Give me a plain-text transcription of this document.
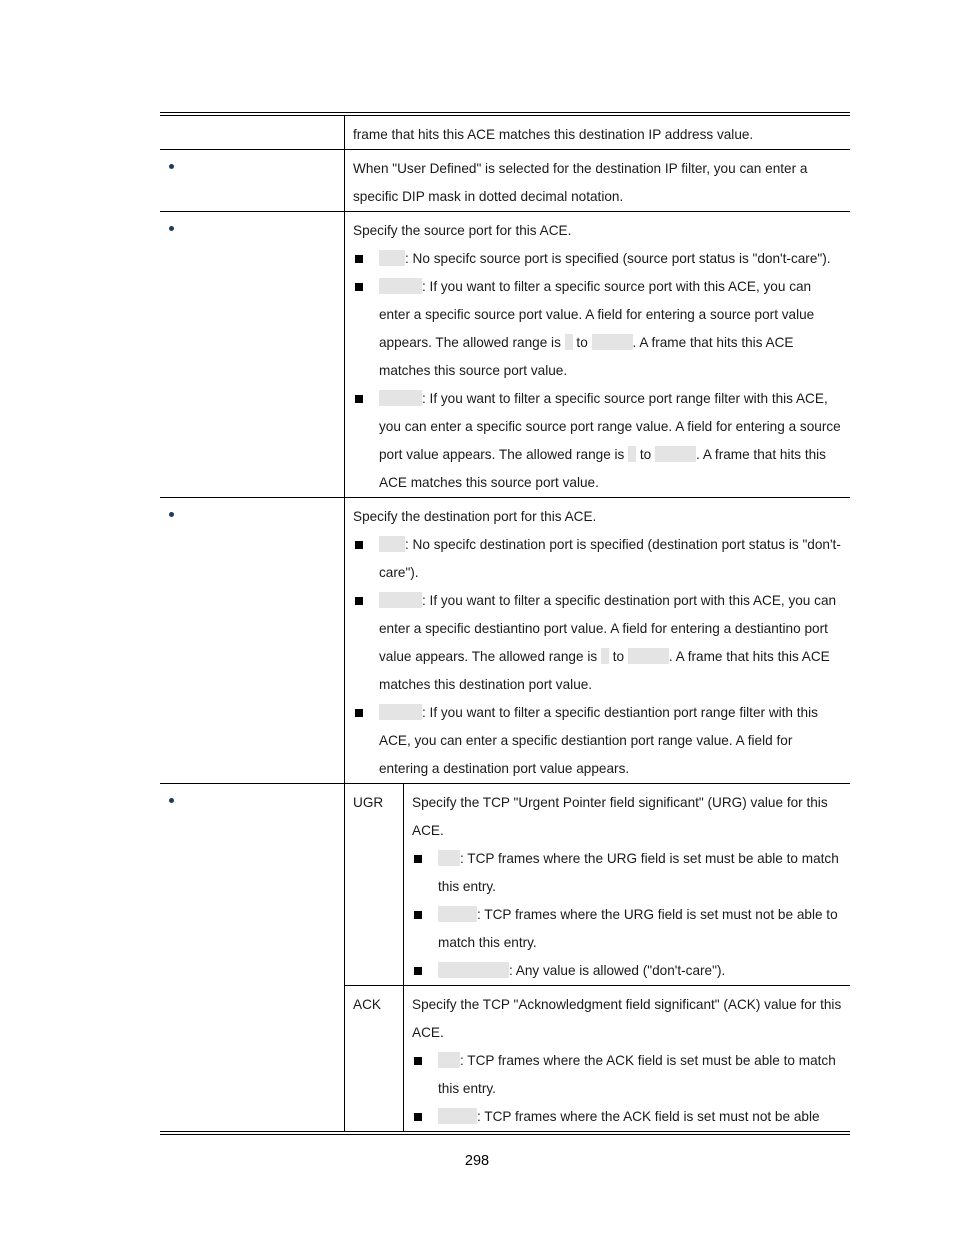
frame that hits this ACE matches this destination IP address value.
When "User Defined" is selected for the destination IP filter, you can enter a specific DIP mask in dotted decimal notation.
Specify the source port for this ACE.
: No specifc source port is specified (source port status is "don't-care").
: If you want to filter a specific source port with this ACE, you can enter a specific source port value. A field for entering a source port value appears. The allowed range is  to	. A frame that hits this ACE matches this source port value.
: If you want to filter a specific source port range filter with this ACE, you can enter a specific source port range value. A field for entering a source port value appears. The allowed range is  to	. A frame that hits this ACE matches this source port value.
Specify the destination port for this ACE.
: No specifc destination port is specified (destination port status is "don't-care").
: If you want to filter a specific destination port with this ACE, you can enter a specific destiantino port value. A field for entering a destiantino port value appears. The allowed range is  to	. A frame that hits this ACE matches this destination port value.
: If you want to filter a specific destiantion port range filter with this ACE, you can enter a specific destiantion port range value. A field for entering a destination port value appears.
UGR	Specify the TCP "Urgent Pointer field significant" (URG) value for this ACE.
: TCP frames where the URG field is set must be able to match this entry.
: TCP frames where the URG field is set must not be able to match this entry.
: Any value is allowed ("don't-care").
ACK	Specify the TCP "Acknowledgment field significant" (ACK) value for this ACE.
: TCP frames where the ACK field is set must be able to match this entry.
: TCP frames where the ACK field is set must not be able
298
